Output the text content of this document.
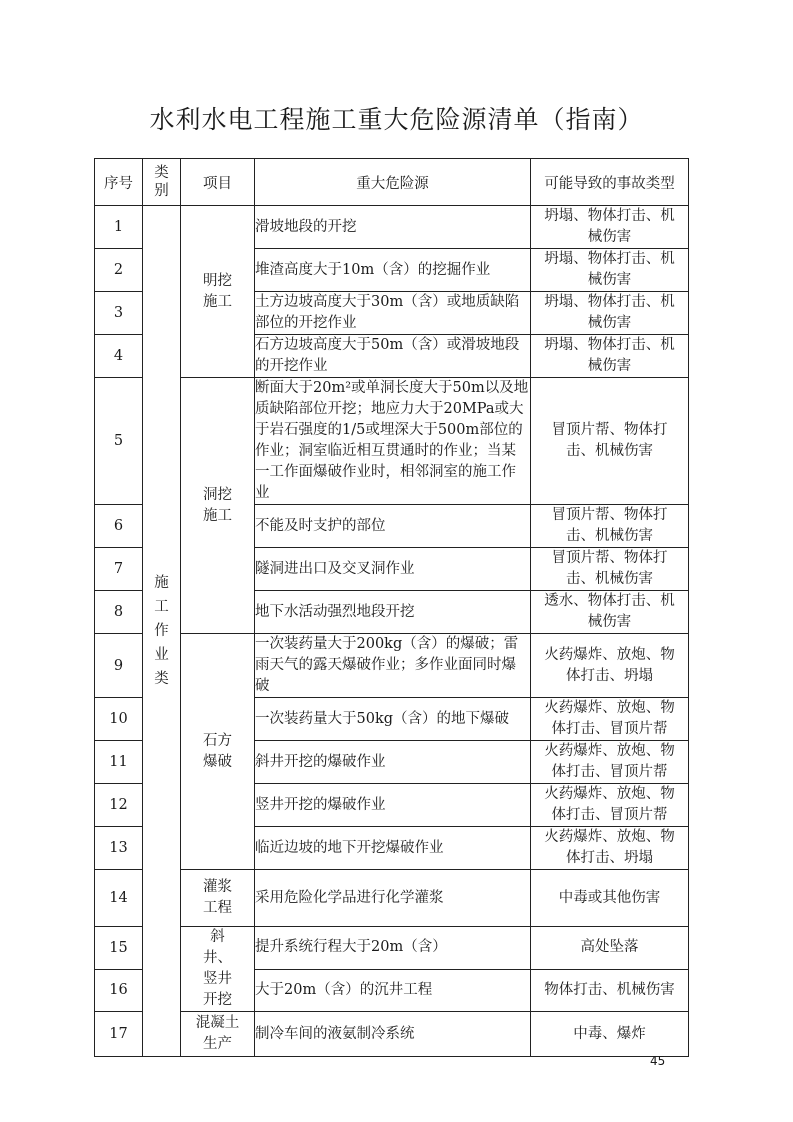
水利水电工程施工重大危险源清单（指南）
序号	类别	项目	重大危险源	可能导致的事故类型
1	施工作业类	明挖施工	滑坡地段的开挖	坍塌、物体打击、机械伤害

2			堆渣高度大于10m（含）的挖掘作业	坍塌、物体打击、机械伤害

3			土方边坡高度大于30m（含）或地质缺陷部位的开挖作业	坍塌、物体打击、机械伤害

4			石方边坡高度大于50m（含）或滑坡地段的开挖作业	坍塌、物体打击、机械伤害

5		洞挖施工	断面大于20m²或单洞长度大于50m以及地质缺陷部位开挖；地应力大于20MPa或大于岩石强度的1/5或埋深大于500m部位的作业；洞室临近相互贯通时的作业；当某一工作面爆破作业时，相邻洞室的施工作业	冒顶片帮、物体打击、机械伤害

6			不能及时支护的部位	冒顶片帮、物体打击、机械伤害

7			隧洞进出口及交叉洞作业	冒顶片帮、物体打击、机械伤害

8			地下水活动强烈地段开挖	透水、物体打击、机械伤害

9		石方爆破	一次装药量大于200kg（含）的爆破；雷雨天气的露天爆破作业；多作业面同时爆破	火药爆炸、放炮、物体打击、坍塌

10			一次装药量大于50kg（含）的地下爆破	火药爆炸、放炮、物体打击、冒顶片帮

11			斜井开挖的爆破作业	火药爆炸、放炮、物体打击、冒顶片帮

12			竖井开挖的爆破作业	火药爆炸、放炮、物体打击、冒顶片帮

13			临近边坡的地下开挖爆破作业	火药爆炸、放炮、物体打击、坍塌

14		灌浆工程	采用危险化学品进行化学灌浆	中毒或其他伤害
15		斜井、竖井开挖	提升系统行程大于20m（含）	高处坠落
16			大于20m（含）的沉井工程	物体打击、机械伤害
17		混凝土生产	制冷车间的液氨制冷系统	中毒、爆炸
45
